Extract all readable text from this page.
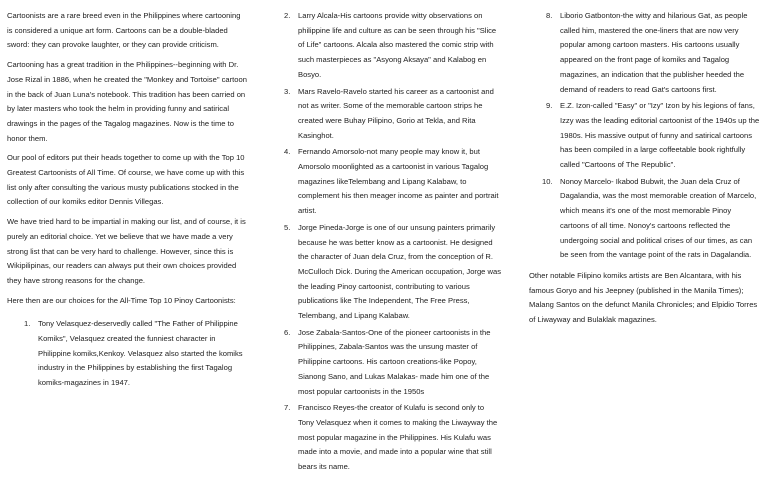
Cartoonists are a rare breed even in the Philippines where cartooning is considered a unique art form. Cartoons can be a double-bladed sword: they can provoke laughter, or they can provide criticism.

Cartooning has a great tradition in the Philippines--beginning with Dr. Jose Rizal in 1886, when he created the "Monkey and Tortoise" cartoon in the back of Juan Luna's notebook. This tradition has been carried on by later masters who took the helm in providing funny and satirical drawings in the pages of the Tagalog magazines. Now is the time to honor them.

Our pool of editors put their heads together to come up with the Top 10 Greatest Cartoonists of All Time. Of course, we have come up with this list only after consulting the various musty publications stocked in the collection of our komiks editor Dennis Villegas.

We have tried hard to be impartial in making our list, and of course, it is purely an editorial choice. Yet we believe that we have made a very strong list that can be very hard to challenge. However, since this is Wikipilipinas, our readers can always put their own choices provided they have strong reasons for the change.

Here then are our choices for the All-Time Top 10 Pinoy Cartoonists:

1. Tony Velasquez-deservedly called "The Father of Philippine Komiks", Velasquez created the funniest character in Philippine komiks,Kenkoy. Velasquez also started the komiks industry in the Philippines by establishing the first Tagalog komiks-magazines in 1947.
2. Larry Alcala-His cartoons provide witty observations on philippine life and culture as can be seen through his "Slice of Life" cartoons. Alcala also mastered the comic strip with such masterpieces as "Asyong Aksaya" and Kalabog en Bosyo.
3. Mars Ravelo-Ravelo started his career as a cartoonist and not as writer. Some of the memorable cartoon strips he created were Buhay Pilipino, Gorio at Tekla, and Rita Kasinghot.
4. Fernando Amorsolo-not many people may know it, but Amorsolo moonlighted as a cartoonist in various Tagalog magazines likeTelembang and Lipang Kalabaw, to complement his then meager income as painter and portrait artist.
5. Jorge Pineda-Jorge is one of our unsung painters primarily because he was better know as a cartoonist. He designed the character of Juan dela Cruz, from the conception of R. McCulloch Dick. During the American occupation, Jorge was the leading Pinoy cartoonist, contributing to various publications like The Independent, The Free Press, Telembang, and Lipang Kalabaw.
6. Jose Zabala-Santos-One of the pioneer cartoonists in the Philippines, Zabala-Santos was the unsung master of Philippine cartoons. His cartoon creations-like Popoy, Sianong Sano, and Lukas Malakas- made him one of the most popular cartoonists in the 1950s
7. Francisco Reyes-the creator of Kulafu is second only to Tony Velasquez when it comes to making the Liwayway the most popular magazine in the Philippines. His Kulafu was made into a movie, and made into a popular wine that still bears its name.
8. Liborio Gatbonton-the witty and hilarious Gat, as people called him, mastered the one-liners that are now very popular among cartoon masters. His cartoons usually appeared on the front page of komiks and Tagalog magazines, an indication that the publisher heeded the demand of readers to read Gat's cartoons first.
9. E.Z. Izon-called "Easy" or "Izy" Izon by his legions of fans, Izzy was the leading editorial cartoonist of the 1940s up the 1980s. His massive output of funny and satirical cartoons has been compiled in a large coffeetable book rightfully called "Cartoons of The Republic".
10. Nonoy Marcelo- Ikabod Bubwit, the Juan dela Cruz of Dagalandia, was the most memorable creation of Marcelo, which means it's one of the most memorable Pinoy cartoons of all time. Nonoy's cartoons reflected the undergoing social and political crises of our times, as can be seen from the vantage point of the rats in Dagalandia.

Other notable Filipino komiks artists are Ben Alcantara, with his famous Goryo and his Jeepney (published in the Manila Times); Malang Santos on the defunct Manila Chronicles; and Elpidio Torres of Liwayway and Bulaklak magazines.
